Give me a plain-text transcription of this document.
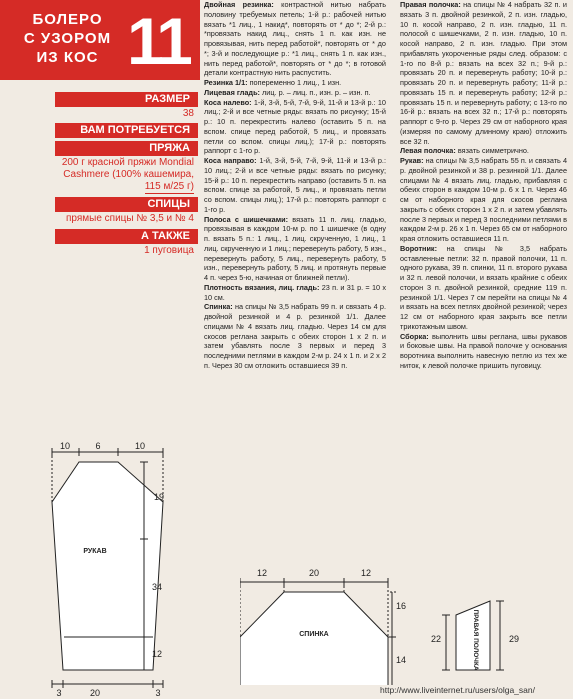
БОЛЕРО
С УЗОРОМ
ИЗ КОС 11
РАЗМЕР
38
ВАМ ПОТРЕБУЕТСЯ
ПРЯЖА
200 г красной пряжи Mondial
Cashmere (100% кашемира,
115 м/25 г)
СПИЦЫ
прямые спицы № 3,5 и № 4
А ТАКЖЕ
1 пуговица

Двойная резинка: контрастной нитью набрать половину требуемых петель; 1-й р.: рабочей нитью вязать *1 лиц., 1 накид*, повторять от * до *; 2-й р.: *провязать накид лиц., снять 1 п. как изн. не провязывая, нить перед работой*, повторять от * до *; 3-й и последующие р.: *1 лиц., снять 1 п. как изн., нить перед работой*, повторять от * до *; в готовой детали контрастную нить распустить.

Резинка 1/1: попеременно 1 лиц., 1 изн.

Лицевая гладь: лиц. р. – лиц. п., изн. р. – изн. п.

Коса налево: 1-й, 3-й, 5-й, 7-й, 9-й, 11-й и 13-й р.: 10 лиц.; 2-й и все четные ряды: вязать по рисунку; 15-й р.: 10 п. перекрестить налево (оставить 5 п. на вспом. спице перед работой, 5 лиц., и провязать петли со вспом. спицы лиц.); 17-й р.: повторять раппорт с 1-го р.

Коса направо: 1-й, 3-й, 5-й, 7-й, 9-й, 11-й и 13-й р.: 10 лиц.; 2-й и все четные ряды: вязать по рисунку; 15-й р.: 10 п. перекрестить направо (оставить 5 п. на вспом. спице за работой, 5 лиц., и провязать петли со вспом. спицы лиц.); 17-й р.: повторять раппорт с 1-го р.

Полоса с шишечками: вязать 11 п. лиц. гладью, провязывая в каждом 10-м р. по 1 шишечке (в одну п. вязать 5 п.: 1 лиц., 1 лиц. скрученную, 1 лиц., 1 лиц. скрученную и 1 лиц.; перевернуть работу, 5 изн., перевернуть работу, 5 лиц., перевернуть работу, 5 изн., перевернуть работу, 5 лиц. и протянуть первые 4 п. через 5-ю, начиная от ближней петли).

Плотность вязания, лиц. гладь: 23 п. и 31 р. = 10 х 10 см.

Спинка: на спицы № 3,5 набрать 99 п. и связать 4 р. двойной резинкой и 4 р. резинкой 1/1. Далее спицами № 4 вязать лиц. гладью. Через 14 см для скосов реглана закрыть с обеих сторон 1 х 2 п. и затем убавлять после 3 первых и перед 3 последними петлями в каждом 2-м р. 24 х 1 п. и 2 х 2 п. Через 30 см отложить оставшиеся 39 п.

Правая полочка: на спицы № 4 набрать 32 п. и вязать 3 п. двойной резинкой, 2 п. изн. гладью, 10 п. косой направо, 2 п. изн. гладью, 11 п. полосой с шишечками, 2 п. изн. гладью, 10 п. косой направо, 2 п. изн. гладью. При этом прибавлять укороченные ряды след. образом: с 1-го по 8-й р.: вязать на всех 32 п.; 9-й р.: провязать 20 п. и перевернуть работу; 10-й р.: провязать 20 п. и перевернуть работу; 11-й р.: провязать 15 п. и перевернуть работу; 12-й р.: провязать 15 п. и перевернуть работу; с 13-го по 16-й р.: вязать на всех 32 п.; 17-й р.: повторять раппорт с 9-го р. Через 29 см от наборного края (измеряя по самому длинному краю) отложить все 32 п.

Левая полочка: вязать симметрично.

Рукав: на спицы № 3,5 набрать 55 п. и связать 4 р. двойной резинкой и 38 р. резинкой 1/1. Далее спицами № 4 вязать лиц. гладью, прибавляя с обеих сторон в каждом 10-м р. 6 х 1 п. Через 46 см от наборного края для скосов реглана закрыть с обеих сторон 1 х 2 п. и затем убавлять после 3 первых и перед 3 последними петлями в каждом 2-м р. 26 х 1 п. Через 65 см от наборного края отложить оставшиеся 11 п.

Воротник: на спицы № 3,5 набрать оставленные петли: 32 п. правой полочки, 11 п. одного рукава, 39 п. спинки, 11 п. второго рукава и 32 п. левой полочки, и вязать крайние с обеих сторон 3 п. двойной резинкой, средние 119 п. резинкой 1/1. Через 7 см перейти на спицы № 4 и вязать на всех петлях двойной резинкой; через 12 см от наборного края закрыть все петли трикотажным швом.

Сборка: выполнить швы реглана, швы рукавов и боковые швы. На правой полочке у основания воротника выполнить навесную петлю из тех же ниток, к левой полочке пришить пуговицу.

10	6	10
3	20	3
19
34
12
РУКАВ
12	20	12
16
14
СПИНКА	22	29
ПРАВАЯ ПОЛОЧКА
http://www.liveinternet.ru/users/olga_san/
